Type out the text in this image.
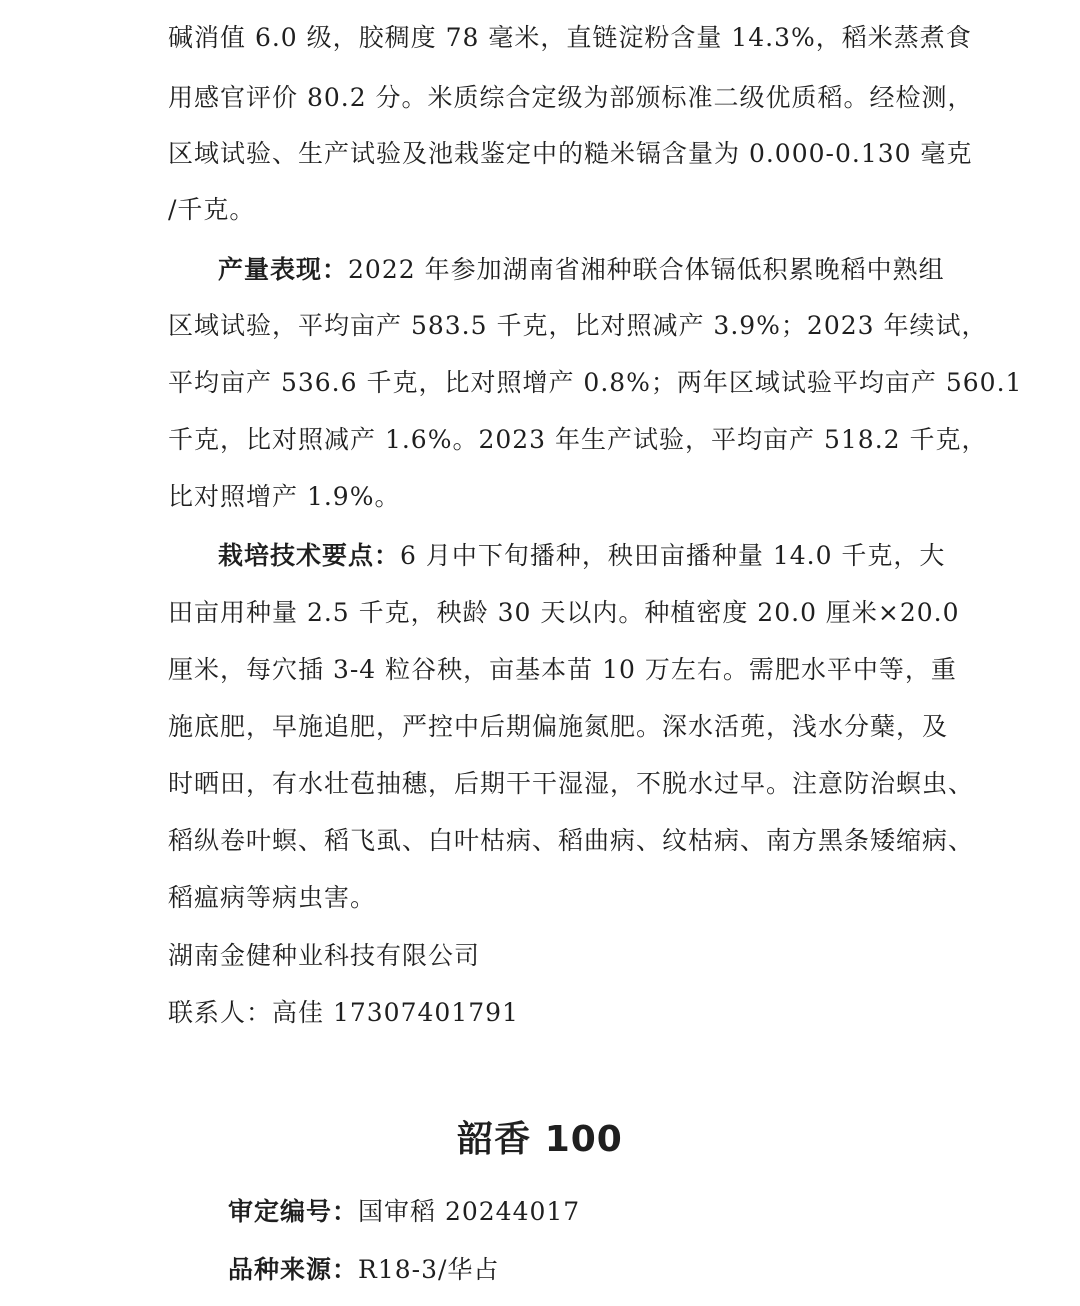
碱消值 6.0 级，胶稠度 78 毫米，直链淀粉含量 14.3%，稻米蒸煮食
用感官评价 80.2 分。米质综合定级为部颁标准二级优质稻。经检测，
区域试验、生产试验及池栽鉴定中的糙米镉含量为 0.000-0.130 毫克
/千克。
产量表现：2022 年参加湖南省湘种联合体镉低积累晚稻中熟组
区域试验，平均亩产 583.5 千克，比对照减产 3.9%；2023 年续试，
平均亩产 536.6 千克，比对照增产 0.8%；两年区域试验平均亩产 560.1
千克，比对照减产 1.6%。2023 年生产试验，平均亩产 518.2 千克，
比对照增产 1.9%。
栽培技术要点：6 月中下旬播种，秧田亩播种量 14.0 千克，大
田亩用种量 2.5 千克，秧龄 30 天以内。种植密度 20.0 厘米×20.0
厘米，每穴插 3-4 粒谷秧，亩基本苗 10 万左右。需肥水平中等，重
施底肥，早施追肥，严控中后期偏施氮肥。深水活蔸，浅水分蘖，及
时晒田，有水壮苞抽穗，后期干干湿湿，不脱水过早。注意防治螟虫、
稻纵卷叶螟、稻飞虱、白叶枯病、稻曲病、纹枯病、南方黑条矮缩病、
稻瘟病等病虫害。
湖南金健种业科技有限公司
联系人：高佳 17307401791
韶香 100
审定编号：国审稻 20244017
品种来源：R18-3/华占
